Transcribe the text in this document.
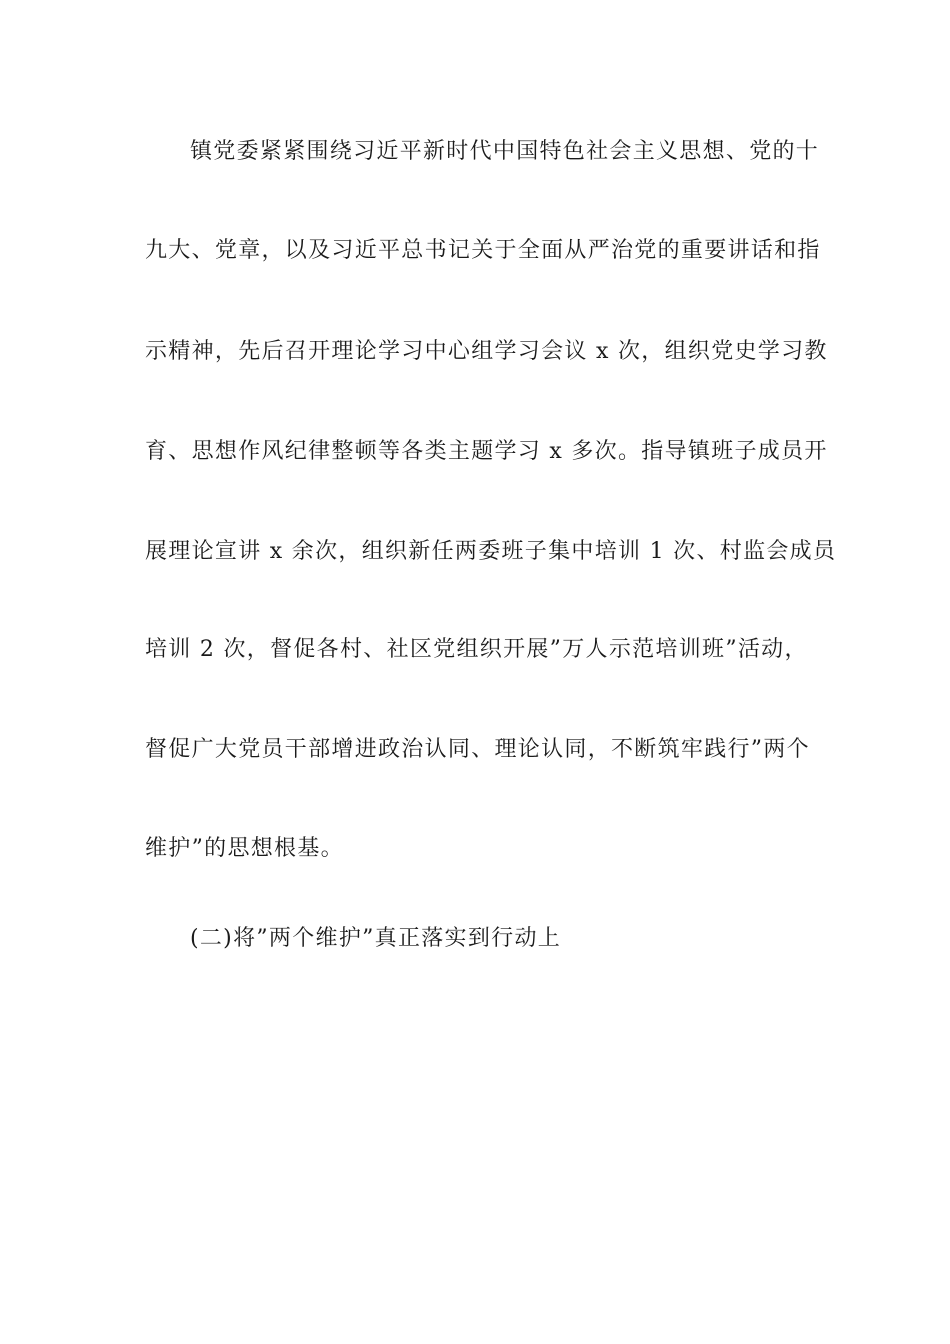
镇党委紧紧围绕习近平新时代中国特色社会主义思想、党的十
九大、党章，以及习近平总书记关于全面从严治党的重要讲话和指
示精神，先后召开理论学习中心组学习会议 x 次，组织党史学习教
育、思想作风纪律整顿等各类主题学习 x 多次。指导镇班子成员开
展理论宣讲 x 余次，组织新任两委班子集中培训 1 次、村监会成员
培训 2 次，督促各村、社区党组织开展”万人示范培训班”活动，
督促广大党员干部增进政治认同、理论认同，不断筑牢践行”两个
维护”的思想根基。
(二)将”两个维护”真正落实到行动上
